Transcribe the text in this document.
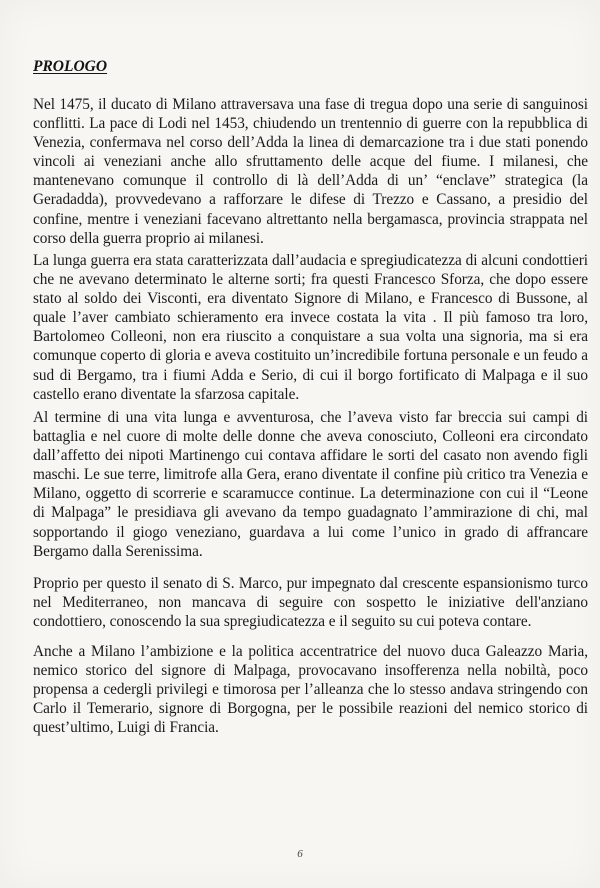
PROLOGO

Nel 1475, il ducato di Milano attraversava una fase di tregua dopo una serie di sanguinosi conflitti. La pace di Lodi nel 1453, chiudendo un trentennio di guerre con la repubblica di Venezia, confermava nel corso dell’Adda la linea di demarcazione tra i due stati ponendo vincoli ai veneziani anche allo sfruttamento delle acque del fiume. I milanesi, che mantenevano comunque il controllo di là dell’Adda di un’ “enclave” strategica (la Geradadda), provvedevano a rafforzare le difese di Trezzo e Cassano, a presidio del confine, mentre i veneziani facevano altrettanto nella bergamasca, provincia strappata nel corso della guerra proprio ai milanesi.

La lunga guerra era stata caratterizzata dall’audacia e spregiudicatezza di alcuni condottieri che ne avevano determinato le alterne sorti; fra questi Francesco Sforza, che dopo essere stato al soldo dei Visconti, era diventato Signore di Milano, e Francesco di Bussone, al quale l’aver cambiato schieramento era invece costata la vita . Il più famoso tra loro, Bartolomeo Colleoni, non era riuscito a conquistare a sua volta una signoria, ma si era comunque coperto di gloria e aveva costituito un’incredibile fortuna personale e un feudo a sud di Bergamo, tra i fiumi Adda e Serio, di cui il borgo fortificato di Malpaga e il suo castello erano diventate la sfarzosa capitale.

Al termine di una vita lunga e avventurosa, che l’aveva visto far breccia sui campi di battaglia e nel cuore di molte delle donne che aveva conosciuto, Colleoni era circondato dall’affetto dei nipoti Martinengo cui contava affidare le sorti del casato non avendo figli maschi. Le sue terre, limitrofe alla Gera, erano diventate il confine più critico tra Venezia e Milano, oggetto di scorrerie e scaramucce continue. La determinazione con cui il “Leone di Malpaga” le presidiava gli avevano da tempo guadagnato l’ammirazione di chi, mal sopportando il giogo veneziano, guardava a lui come l’unico in grado di affrancare Bergamo dalla Serenissima.

Proprio per questo il senato di S. Marco, pur impegnato dal crescente espansionismo turco nel Mediterraneo, non mancava di seguire con sospetto le iniziative dell'anziano condottiero, conoscendo la sua spregiudicatezza e il seguito su cui poteva contare.

Anche a Milano l’ambizione e la politica accentratrice del nuovo duca Galeazzo Maria, nemico storico del signore di Malpaga, provocavano insofferenza nella nobiltà, poco propensa a cedergli privilegi e timorosa per l’alleanza che lo stesso andava stringendo con Carlo il Temerario, signore di Borgogna, per le possibile reazioni del nemico storico di quest’ultimo, Luigi di Francia.

6
